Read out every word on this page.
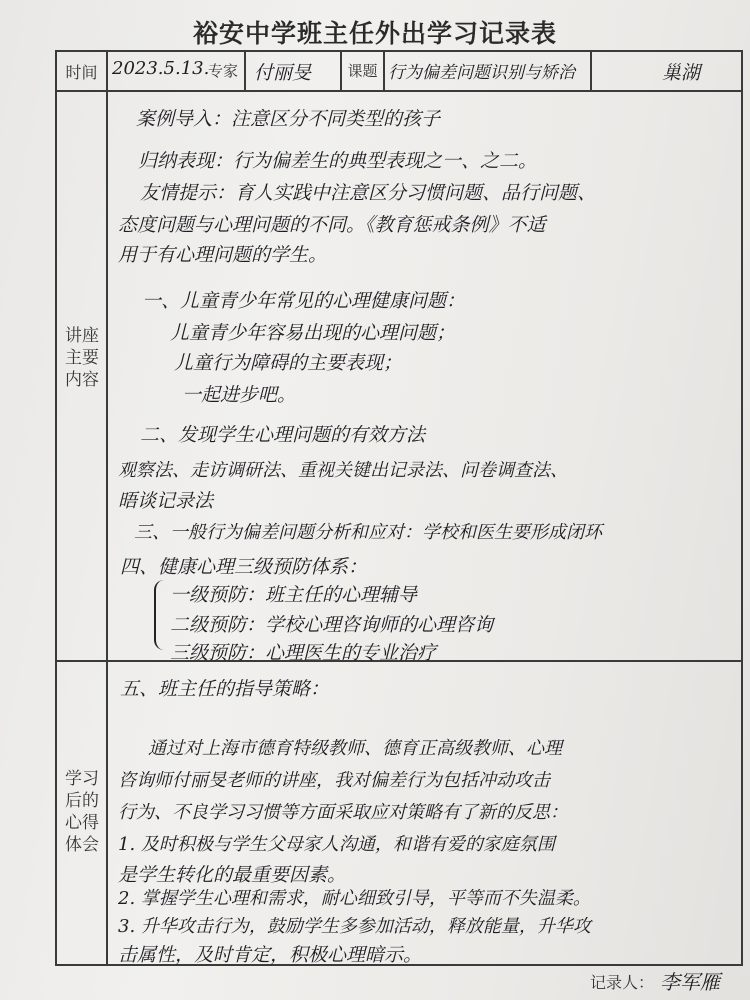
裕安中学班主任外出学习记录表
时间 2023.5.13.
专家 付丽旻	课题 行为偏差问题识别与矫治	巢湖
讲座
主要
内容
案例导入：注意区分不同类型的孩子
归纳表现：行为偏差生的典型表现之一、之二。
友情提示：育人实践中注意区分习惯问题、品行问题、
态度问题与心理问题的不同。《教育惩戒条例》不适
用于有心理问题的学生。
一、儿童青少年常见的心理健康问题：
儿童青少年容易出现的心理问题；
儿童行为障碍的主要表现；
一起进步吧。
二、发现学生心理问题的有效方法
观察法、走访调研法、重视关键出记录法、问卷调查法、
晤谈记录法
三、一般行为偏差问题分析和应对：学校和医生要形成闭环
四、健康心理三级预防体系：
一级预防：班主任的心理辅导
二级预防：学校心理咨询师的心理咨询
三级预防：心理医生的专业治疗
学习
后的
心得
体会
五、班主任的指导策略：
通过对上海市德育特级教师、德育正高级教师、心理
咨询师付丽旻老师的讲座，我对偏差行为包括冲动攻击
行为、不良学习习惯等方面采取应对策略有了新的反思：
1. 及时积极与学生父母家人沟通，和谐有爱的家庭氛围
是学生转化的最重要因素。
2. 掌握学生心理和需求，耐心细致引导，平等而不失温柔。
3. 升华攻击行为，鼓励学生多参加活动，释放能量，升华攻
击属性，及时肯定，积极心理暗示。
记录人： 李军雁
